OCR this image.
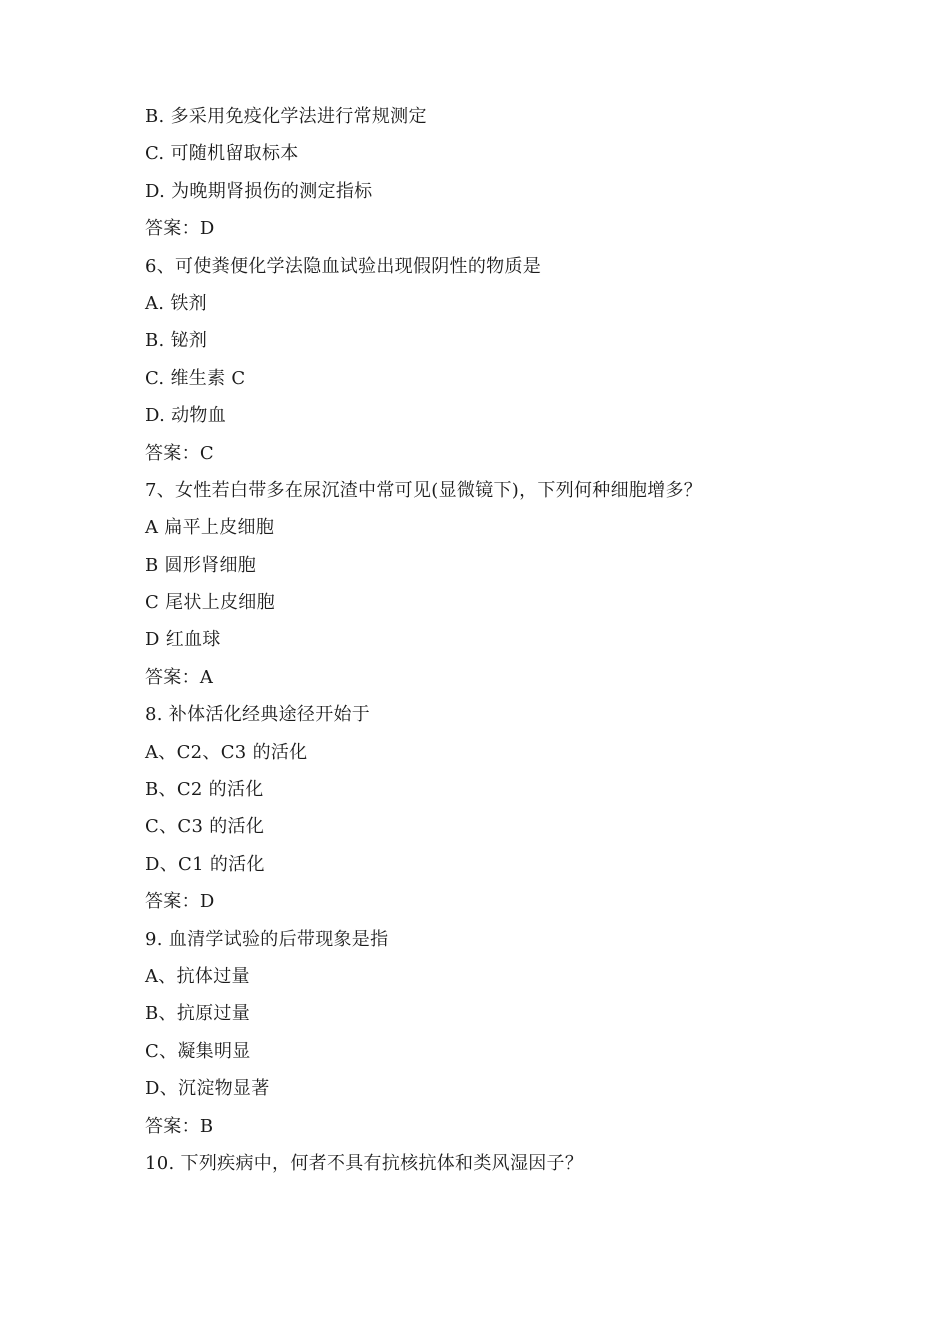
B. 多采用免疫化学法进行常规测定
C. 可随机留取标本
D. 为晚期肾损伤的测定指标
答案：D
6、可使粪便化学法隐血试验出现假阴性的物质是
A. 铁剂
B. 铋剂
C. 维生素 C
D. 动物血
答案：C
7、女性若白带多在尿沉渣中常可见(显微镜下)，下列何种细胞增多？
A 扁平上皮细胞
B 圆形肾细胞
C 尾状上皮细胞
D 红血球
答案：A
8. 补体活化经典途径开始于
A、C2、C3 的活化
B、C2 的活化
C、C3 的活化
D、C1 的活化
答案：D
9. 血清学试验的后带现象是指
A、抗体过量
B、抗原过量
C、凝集明显
D、沉淀物显著
答案：B
10. 下列疾病中，何者不具有抗核抗体和类风湿因子？
